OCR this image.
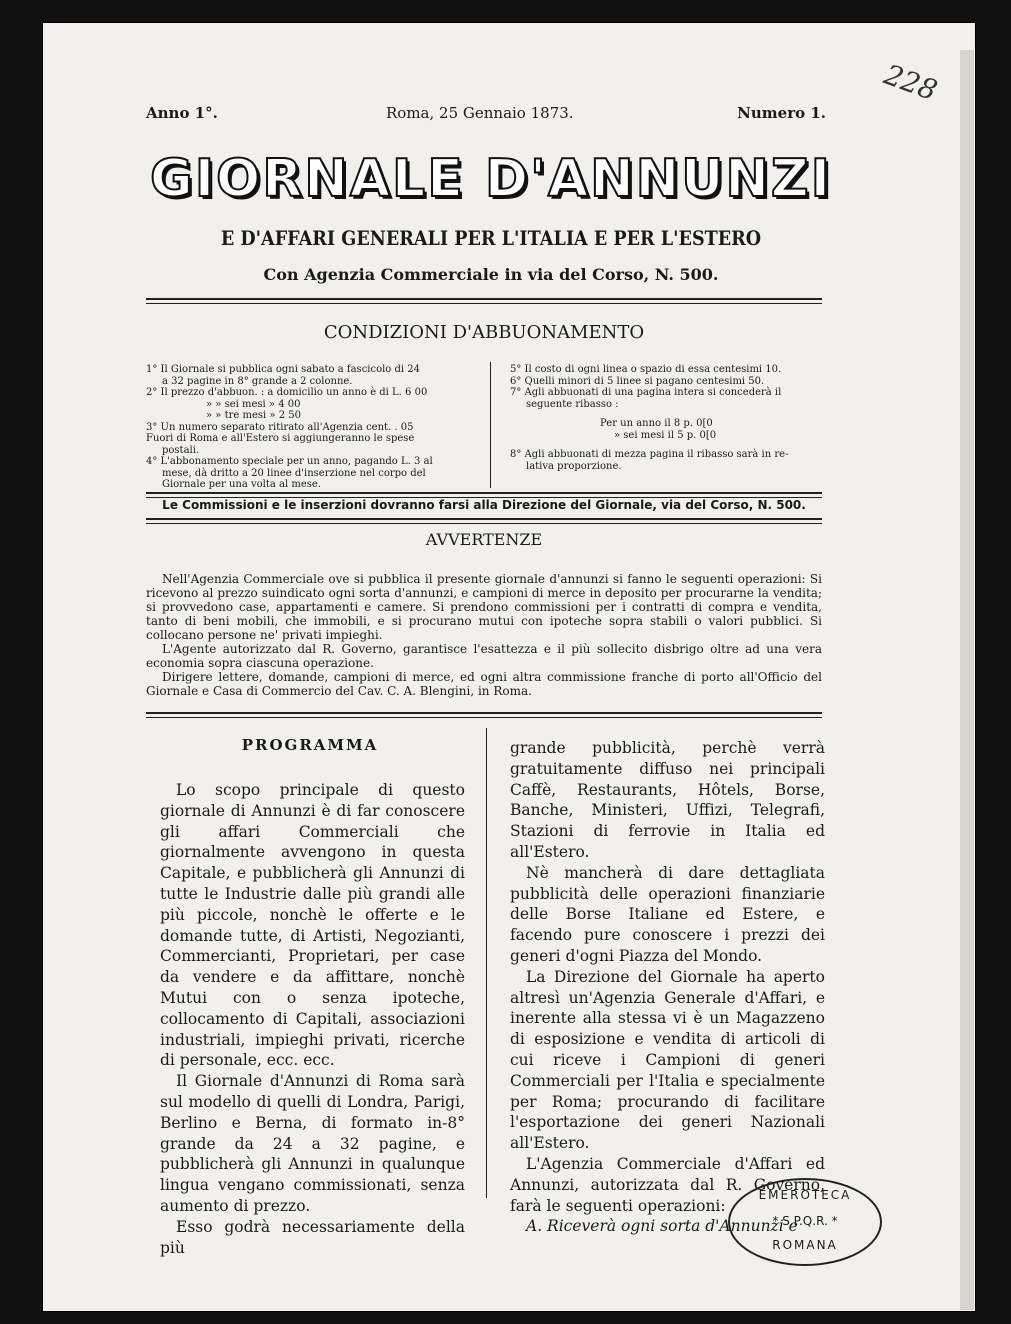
228
Anno 1°.	Roma, 25 Gennaio 1873.	Numero 1.
GIORNALE D'ANNUNZI
E D'AFFARI GENERALI PER L'ITALIA E PER L'ESTERO
Con Agenzia Commerciale in via del Corso, N. 500.
CONDIZIONI D'ABBUONAMENTO
1° Il Giornale si pubblica ogni sabato a fascicolo di 24
a 32 pagine in 8° grande a 2 colonne.
2° Il prezzo d'abbuon. : a domicilio un anno è di L. 6 00
» » sei mesi » 4 00
» » tre mesi » 2 50
3° Un numero separato ritirato all'Agenzia cent. . 05
Fuori di Roma e all'Estero si aggiungeranno le spese
postali.
4° L'abbonamento speciale per un anno, pagando L. 3 al
mese, dà dritto a 20 linee d'inserzione nel corpo del
Giornale per una volta al mese.
5° Il costo di ogni linea o spazio di essa centesimi 10.
6° Quelli minori di 5 linee si pagano centesimi 50.
7° Agli abbuonati di una pagina intera si concederà il
seguente ribasso :
Per un anno il 8 p. 0[0
» sei mesi il 5 p. 0[0
8° Agli abbuonati di mezza pagina il ribasso sarà in re-
lativa proporzione.
Le Commissioni e le inserzioni dovranno farsi alla Direzione del Giornale, via del Corso, N. 500.
AVVERTENZE

Nell'Agenzia Commerciale ove si pubblica il presente giornale d'annunzi si fanno le seguenti operazioni: Si ricevono al prezzo suindicato ogni sorta d'annunzi, e campioni di merce in deposito per procurarne la vendita; si provvedono case, appartamenti e camere. Si prendono commissioni per i contratti di compra e vendita, tanto di beni mobili, che immobili, e si procurano mutui con ipoteche sopra stabili o valori pubblici. Si collocano persone ne' privati impieghi.

L'Agente autorizzato dal R. Governo, garantisce l'esattezza e il più sollecito disbrigo oltre ad una vera economia sopra ciascuna operazione.

Dirigere lettere, domande, campioni di merce, ed ogni altra commissione franche di porto all'Officio del Giornale e Casa di Commercio del Cav. C. A. Blengini, in Roma.

PROGRAMMA

Lo scopo principale di questo giornale di Annunzi è di far conoscere gli affari Commerciali che giornalmente avvengono in questa Capitale, e pubblicherà gli Annunzi di tutte le Industrie dalle più grandi alle più piccole, nonchè le offerte e le domande tutte, di Artisti, Negozianti, Commercianti, Proprietari, per case da vendere e da affittare, nonchè Mutui con o senza ipoteche, collocamento di Capitali, associazioni industriali, impieghi privati, ricerche di personale, ecc. ecc.

Il Giornale d'Annunzi di Roma sarà sul modello di quelli di Londra, Parigi, Berlino e Berna, di formato in-8° grande da 24 a 32 pagine, e pubblicherà gli Annunzi in qualunque lingua vengano commissionati, senza aumento di prezzo.

Esso godrà necessariamente della più

grande pubblicità, perchè verrà gratuitamente diffuso nei principali Caffè, Restaurants, Hôtels, Borse, Banche, Ministeri, Uffizi, Telegrafi, Stazioni di ferrovie in Italia ed all'Estero.

Nè mancherà di dare dettagliata pubblicità delle operazioni finanziarie delle Borse Italiane ed Estere, e facendo pure conoscere i prezzi dei generi d'ogni Piazza del Mondo.

La Direzione del Giornale ha aperto altresì un'Agenzia Generale d'Affari, e inerente alla stessa vi è un Magazzeno di esposizione e vendita di articoli di cui riceve i Campioni di generi Commerciali per l'Italia e specialmente per Roma; procurando di facilitare l'esportazione dei generi Nazionali all'Estero.

L'Agenzia Commerciale d'Affari ed Annunzi, autorizzata dal R. Governo, farà le seguenti operazioni:

A. Riceverà ogni sorta d'Annunzi e

EMEROTECA
* S.P.Q.R. *
ROMANA
